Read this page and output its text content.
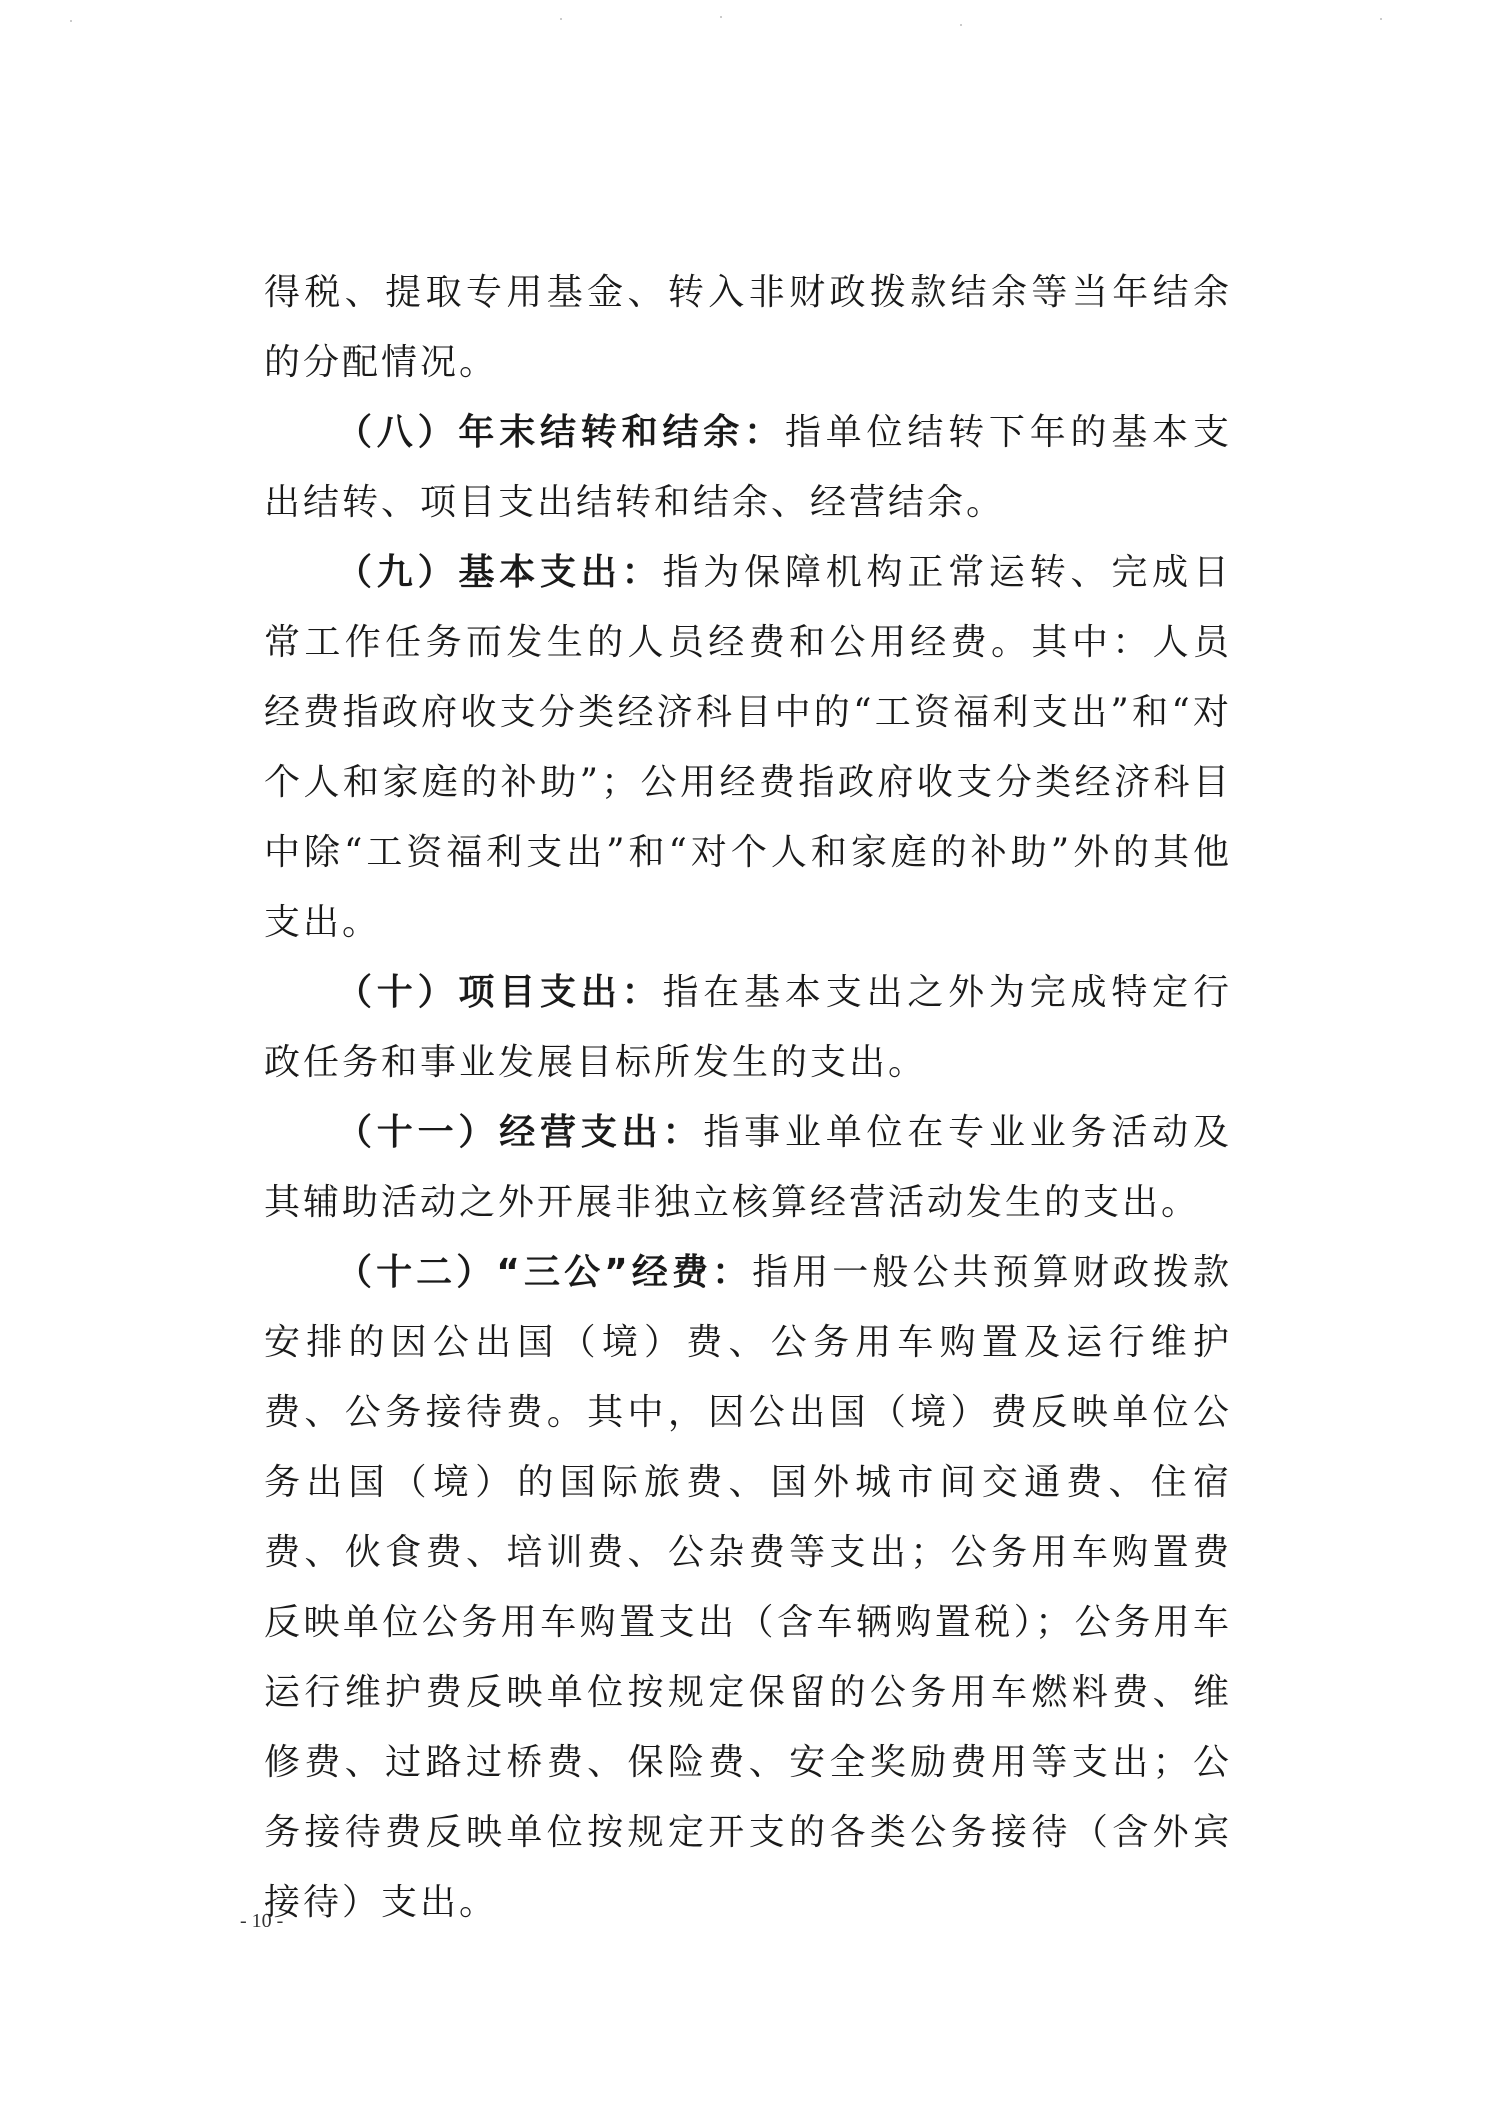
得税、提取专用基金、转入非财政拨款结余等当年结余的分配情况。

（八）年末结转和结余：指单位结转下年的基本支出结转、项目支出结转和结余、经营结余。

（九）基本支出：指为保障机构正常运转、完成日常工作任务而发生的人员经费和公用经费。其中：人员经费指政府收支分类经济科目中的“工资福利支出”和“对个人和家庭的补助”；公用经费指政府收支分类经济科目中除“工资福利支出”和“对个人和家庭的补助”外的其他支出。

（十）项目支出：指在基本支出之外为完成特定行政任务和事业发展目标所发生的支出。

（十一）经营支出：指事业单位在专业业务活动及其辅助活动之外开展非独立核算经营活动发生的支出。

（十二）“三公”经费：指用一般公共预算财政拨款安排的因公出国（境）费、公务用车购置及运行维护费、公务接待费。其中，因公出国（境）费反映单位公务出国（境）的国际旅费、国外城市间交通费、住宿费、伙食费、培训费、公杂费等支出；公务用车购置费反映单位公务用车购置支出（含车辆购置税）；公务用车运行维护费反映单位按规定保留的公务用车燃料费、维修费、过路过桥费、保险费、安全奖励费用等支出；公务接待费反映单位按规定开支的各类公务接待（含外宾接待）支出。

- 10 -
